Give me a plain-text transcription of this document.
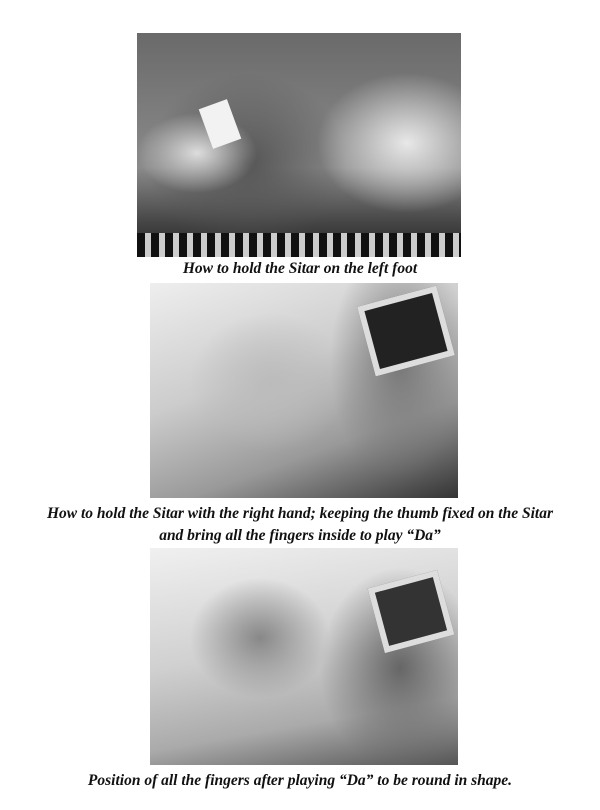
How to hold the Sitar on the left foot
How to hold the Sitar with the right hand; keeping the thumb fixed on the Sitar
and bring all the fingers inside to play “Da”
Position of all the fingers after playing “Da” to be round in shape.
